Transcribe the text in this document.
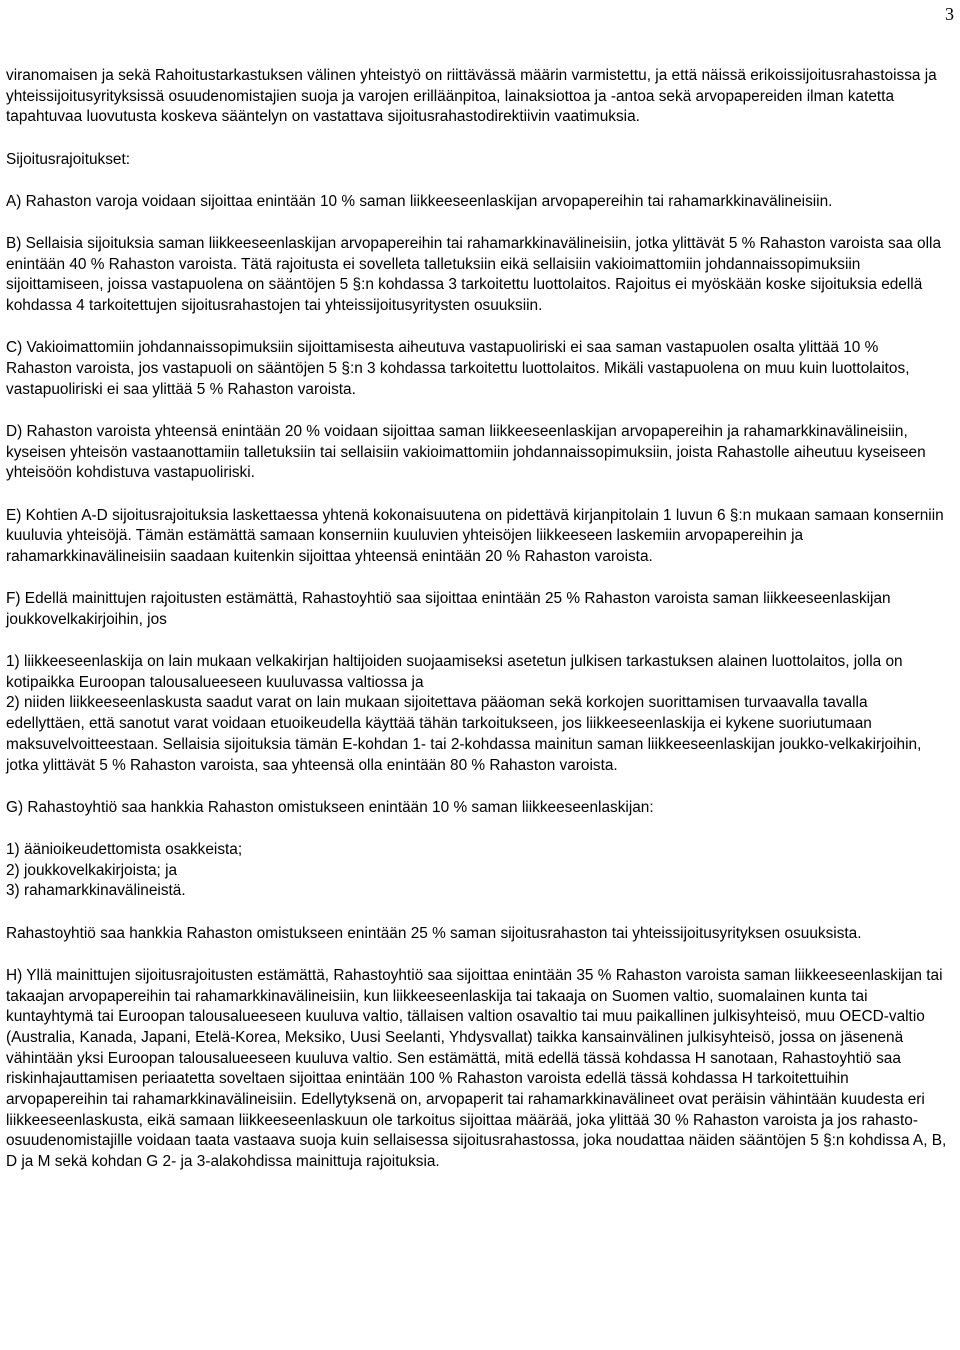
3

viranomaisen ja sekä Rahoitustarkastuksen välinen yhteistyö on riittävässä määrin varmistettu, ja että näissä erikoissijoitusrahastoissa ja yhteissijoitusyrityksissä osuudenomistajien suoja ja varojen erilläänpitoa, lainaksiottoa ja -antoa sekä arvopapereiden ilman katetta tapahtuvaa luovutusta koskeva sääntelyn on vastattava sijoitusrahastodirektiivin vaatimuksia.

Sijoitusrajoitukset:

A) Rahaston varoja voidaan sijoittaa enintään 10 % saman liikkeeseenlaskijan arvopapereihin tai rahamarkkinavälineisiin.

B) Sellaisia sijoituksia saman liikkeeseenlaskijan arvopapereihin tai rahamarkkinavälineisiin, jotka ylittävät 5 % Rahaston varoista saa olla enintään 40 % Rahaston varoista. Tätä rajoitusta ei sovelleta talletuksiin eikä sellaisiin vakioimattomiin johdannaissopimuksiin sijoittamiseen, joissa vastapuolena on sääntöjen 5 §:n kohdassa 3 tarkoitettu luottolaitos. Rajoitus ei myöskään koske sijoituksia edellä kohdassa 4 tarkoitettujen sijoitusrahastojen tai yhteissijoitusyritysten osuuksiin.

C) Vakioimattomiin johdannaissopimuksiin sijoittamisesta aiheutuva vastapuoliriski ei saa saman vastapuolen osalta ylittää 10 % Rahaston varoista, jos vastapuoli on sääntöjen 5 §:n 3 kohdassa tarkoitettu luottolaitos. Mikäli vastapuolena on muu kuin luottolaitos, vastapuoliriski ei saa ylittää 5 % Rahaston varoista.

D) Rahaston varoista yhteensä enintään 20 % voidaan sijoittaa saman liikkeeseenlaskijan arvopapereihin ja rahamarkkinavälineisiin, kyseisen yhteisön vastaanottamiin talletuksiin tai sellaisiin vakioimattomiin johdannaissopimuksiin, joista Rahastolle aiheutuu kyseiseen yhteisöön kohdistuva vastapuoliriski.

E) Kohtien A-D sijoitusrajoituksia laskettaessa yhtenä kokonaisuutena on pidettävä kirjanpitolain 1 luvun 6 §:n mukaan samaan konserniin kuuluvia yhteisöjä. Tämän estämättä samaan konserniin kuuluvien yhteisöjen liikkeeseen laskemiin arvopapereihin ja rahamarkkinavälineisiin saadaan kuitenkin sijoittaa yhteensä enintään 20 % Rahaston varoista.

F) Edellä mainittujen rajoitusten estämättä, Rahastoyhtiö saa sijoittaa enintään 25 % Rahaston varoista saman liikkeeseenlaskijan joukkovelkakirjoihin, jos

1) liikkeeseenlaskija on lain mukaan velkakirjan haltijoiden suojaamiseksi asetetun julkisen tarkastuksen alainen luottolaitos, jolla on kotipaikka Euroopan talousalueeseen kuuluvassa valtiossa ja

2) niiden liikkeeseenlaskusta saadut varat on lain mukaan sijoitettava pääoman sekä korkojen suorittamisen turvaavalla tavalla edellyttäen, että sanotut varat voidaan etuoikeudella käyttää tähän tarkoitukseen, jos liikkeeseenlaskija ei kykene suoriutumaan maksuvelvoitteestaan. Sellaisia sijoituksia tämän E-kohdan 1- tai 2-kohdassa mainitun saman liikkeeseenlaskijan joukko-velkakirjoihin, jotka ylittävät 5 % Rahaston varoista, saa yhteensä olla enintään 80 % Rahaston varoista.

G) Rahastoyhtiö saa hankkia Rahaston omistukseen enintään 10 % saman liikkeeseenlaskijan:

1) äänioikeudettomista osakkeista;

2) joukkovelkakirjoista; ja

3) rahamarkkinavälineistä.

Rahastoyhtiö saa hankkia Rahaston omistukseen enintään 25 % saman sijoitusrahaston tai yhteissijoitusyrityksen osuuksista.

H) Yllä mainittujen sijoitusrajoitusten estämättä, Rahastoyhtiö saa sijoittaa enintään 35 % Rahaston varoista saman liikkeeseenlaskijan tai takaajan arvopapereihin tai rahamarkkinavälineisiin, kun liikkeeseenlaskija tai takaaja on Suomen valtio, suomalainen kunta tai kuntayhtymä tai Euroopan talousalueeseen kuuluva valtio, tällaisen valtion osavaltio tai muu paikallinen julkisyhteisö, muu OECD-valtio (Australia, Kanada, Japani, Etelä-Korea, Meksiko, Uusi Seelanti, Yhdysvallat) taikka kansainvälinen julkisyhteisö, jossa on jäsenenä vähintään yksi Euroopan talousalueeseen kuuluva valtio. Sen estämättä, mitä edellä tässä kohdassa H sanotaan, Rahastoyhtiö saa riskinhajauttamisen periaatetta soveltaen sijoittaa enintään 100 % Rahaston varoista edellä tässä kohdassa H tarkoitettuihin arvopapereihin tai rahamarkkinavälineisiin. Edellytyksenä on, arvopaperit tai rahamarkkinavälineet ovat peräisin vähintään kuudesta eri liikkeeseenlaskusta, eikä samaan liikkeeseenlaskuun ole tarkoitus sijoittaa määrää, joka ylittää 30 % Rahaston varoista ja jos rahasto-osuudenomistajille voidaan taata vastaava suoja kuin sellaisessa sijoitusrahastossa, joka noudattaa näiden sääntöjen 5 §:n kohdissa A, B, D ja M sekä kohdan G 2- ja 3-alakohdissa mainittuja rajoituksia.
